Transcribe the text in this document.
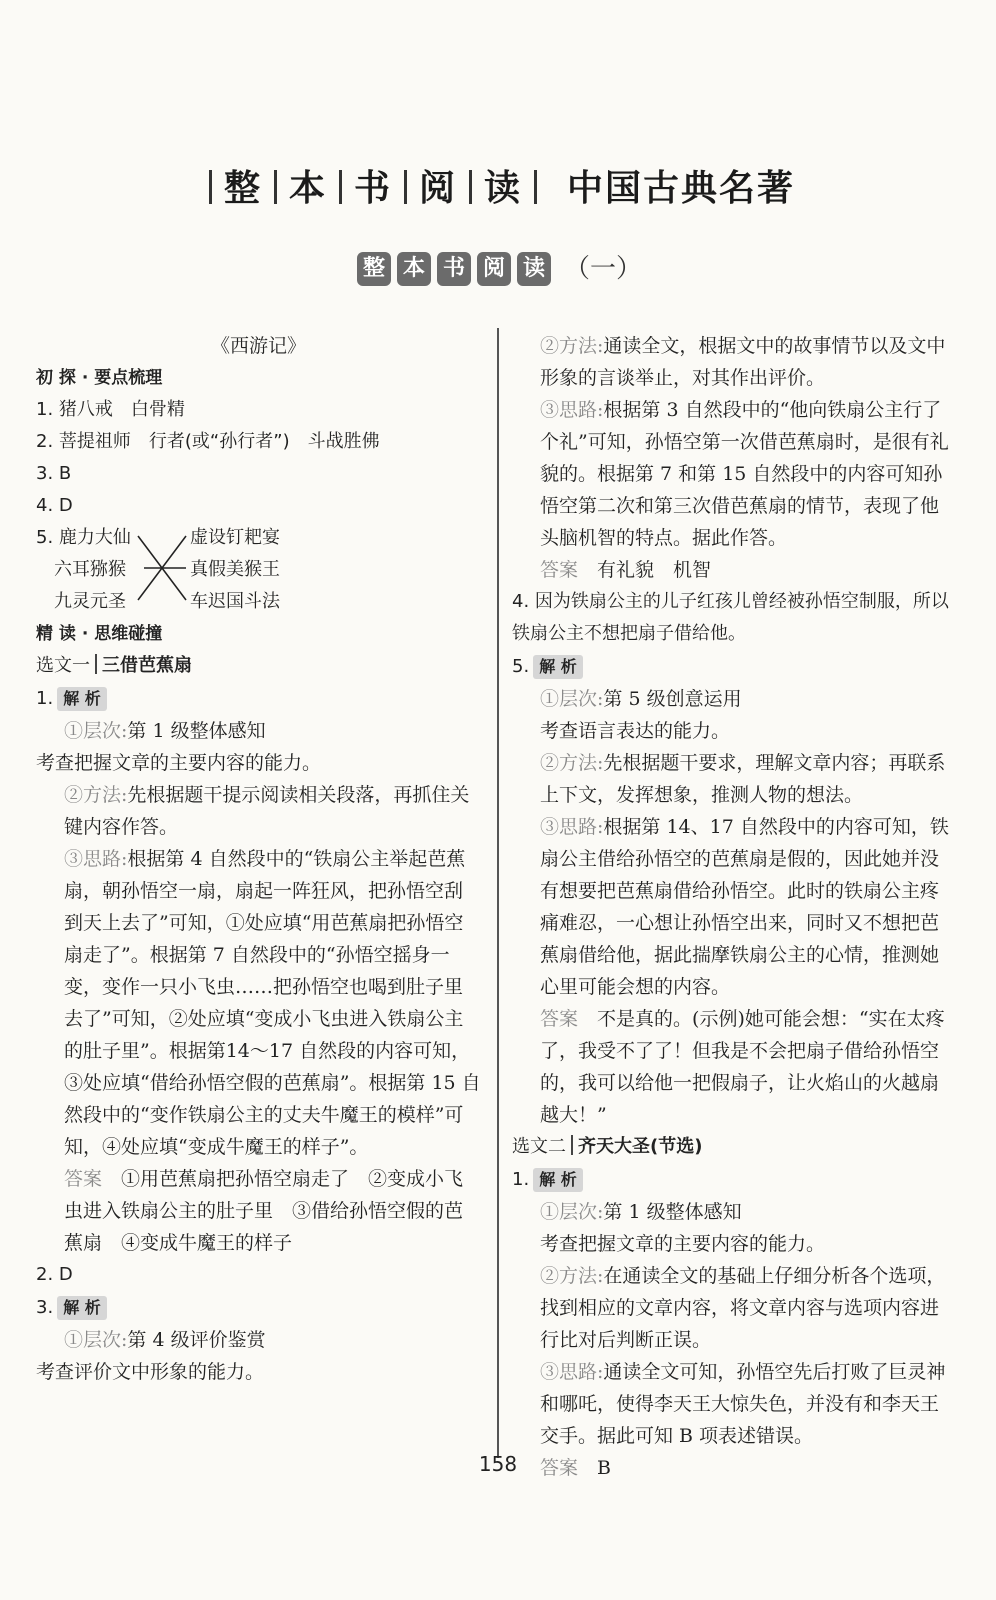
整 本 书 阅 读 中国古典名著
整 本 书 阅 读 （一）

《西游记》

初 探 · 要点梳理

1. 猪八戒　白骨精

2. 菩提祖师　行者(或“孙行者”)　斗战胜佛

3. B

4. D

5. 鹿力大仙	虚设钉耙宴
六耳猕猴	真假美猴王
九灵元圣	车迟国斗法

精 读 · 思维碰撞

选文一 三借芭蕉扇

1. 解 析

①层次:第 1 级整体感知

考查把握文章的主要内容的能力。

②方法:先根据题干提示阅读相关段落，再抓住关键内容作答。

③思路:根据第 4 自然段中的“铁扇公主举起芭蕉扇，朝孙悟空一扇，扇起一阵狂风，把孙悟空刮到天上去了”可知，①处应填“用芭蕉扇把孙悟空扇走了”。根据第 7 自然段中的“孙悟空摇身一变，变作一只小飞虫……把孙悟空也喝到肚子里去了”可知，②处应填“变成小飞虫进入铁扇公主的肚子里”。根据第14～17 自然段的内容可知，③处应填“借给孙悟空假的芭蕉扇”。根据第 15 自然段中的“变作铁扇公主的丈夫牛魔王的模样”可知，④处应填“变成牛魔王的样子”。

答案　 ①用芭蕉扇把孙悟空扇走了　②变成小飞虫进入铁扇公主的肚子里　③借给孙悟空假的芭蕉扇　④变成牛魔王的样子

2. D

3. 解 析

①层次:第 4 级评价鉴赏

考查评价文中形象的能力。

②方法:通读全文，根据文中的故事情节以及文中形象的言谈举止，对其作出评价。

③思路:根据第 3 自然段中的“他向铁扇公主行了个礼”可知，孙悟空第一次借芭蕉扇时，是很有礼貌的。根据第 7 和第 15 自然段中的内容可知孙悟空第二次和第三次借芭蕉扇的情节，表现了他头脑机智的特点。据此作答。

答案　 有礼貌　机智

4. 因为铁扇公主的儿子红孩儿曾经被孙悟空制服，所以铁扇公主不想把扇子借给他。

5. 解 析

①层次:第 5 级创意运用

考查语言表达的能力。

②方法:先根据题干要求，理解文章内容；再联系上下文，发挥想象，推测人物的想法。

③思路:根据第 14、17 自然段中的内容可知，铁扇公主借给孙悟空的芭蕉扇是假的，因此她并没有想要把芭蕉扇借给孙悟空。此时的铁扇公主疼痛难忍，一心想让孙悟空出来，同时又不想把芭蕉扇借给他，据此揣摩铁扇公主的心情，推测她心里可能会想的内容。

答案　 不是真的。(示例)她可能会想：“实在太疼了，我受不了了！但我是不会把扇子借给孙悟空的，我可以给他一把假扇子，让火焰山的火越扇越大！”

选文二 齐天大圣(节选)

1. 解 析

①层次:第 1 级整体感知

考查把握文章的主要内容的能力。

②方法:在通读全文的基础上仔细分析各个选项，找到相应的文章内容，将文章内容与选项内容进行比对后判断正误。

③思路:通读全文可知，孙悟空先后打败了巨灵神和哪吒，使得李天王大惊失色，并没有和李天王交手。据此可知 B 项表述错误。

答案　 B

158
